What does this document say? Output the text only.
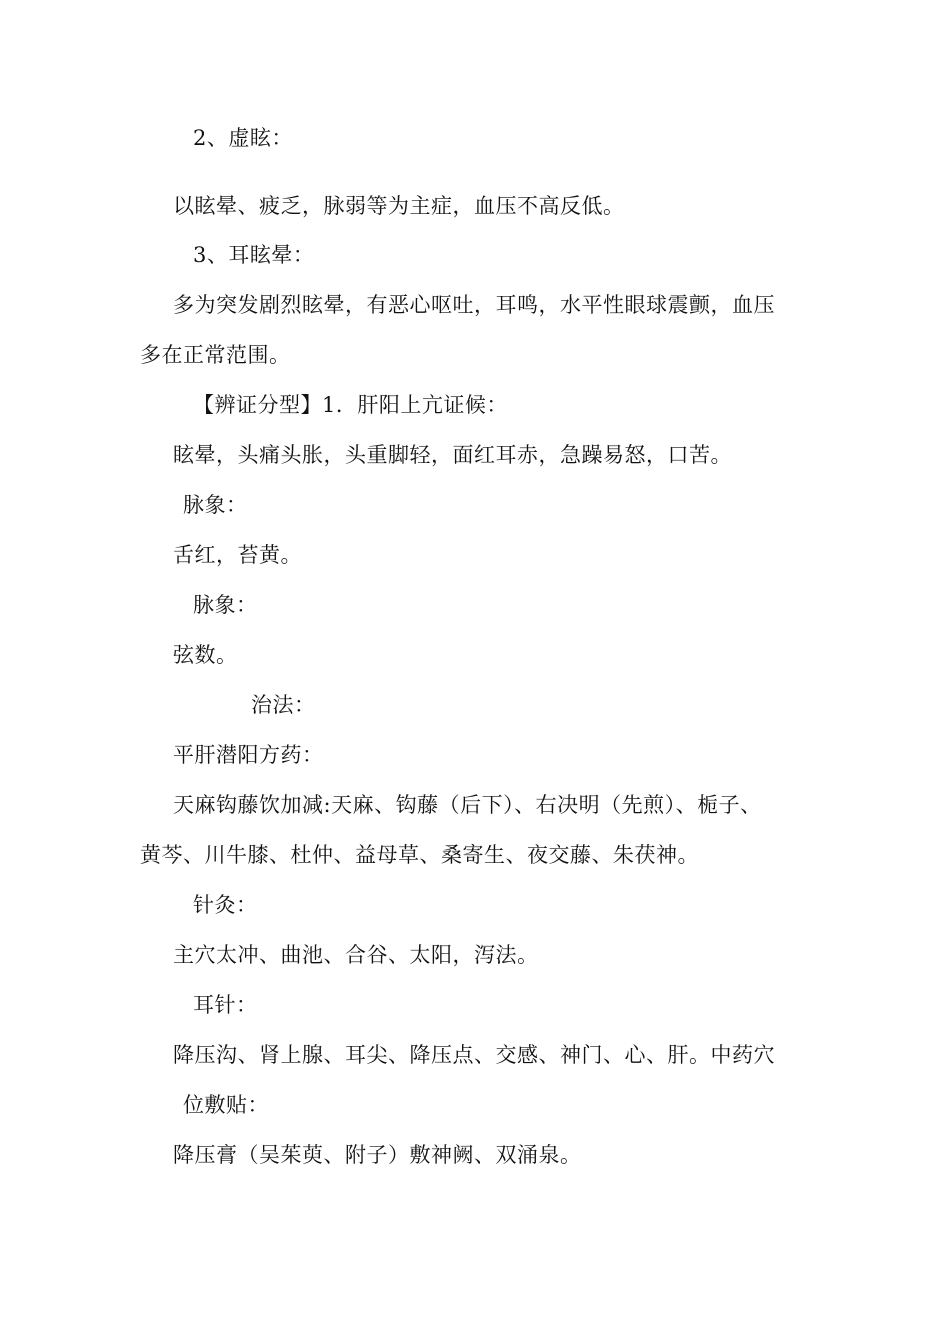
2、虚眩：
以眩晕、疲乏，脉弱等为主症，血压不高反低。
3、耳眩晕：
多为突发剧烈眩晕，有恶心呕吐，耳鸣，水平性眼球震颤，血压
多在正常范围。
【辨证分型】1．肝阳上亢证候：
眩晕，头痛头胀，头重脚轻，面红耳赤，急躁易怒，口苦。
脉象：
舌红，苔黄。
脉象：
弦数。
治法：
平肝潜阳方药：
天麻钩藤饮加减:天麻、钩藤（后下）、右决明（先煎）、栀子、
黄芩、川牛膝、杜仲、益母草、桑寄生、夜交藤、朱茯神。
针灸：
主穴太冲、曲池、合谷、太阳，泻法。
耳针：
降压沟、肾上腺、耳尖、降压点、交感、神门、心、肝。中药穴
位敷贴：
降压膏（吴茱萸、附子）敷神阙、双涌泉。
